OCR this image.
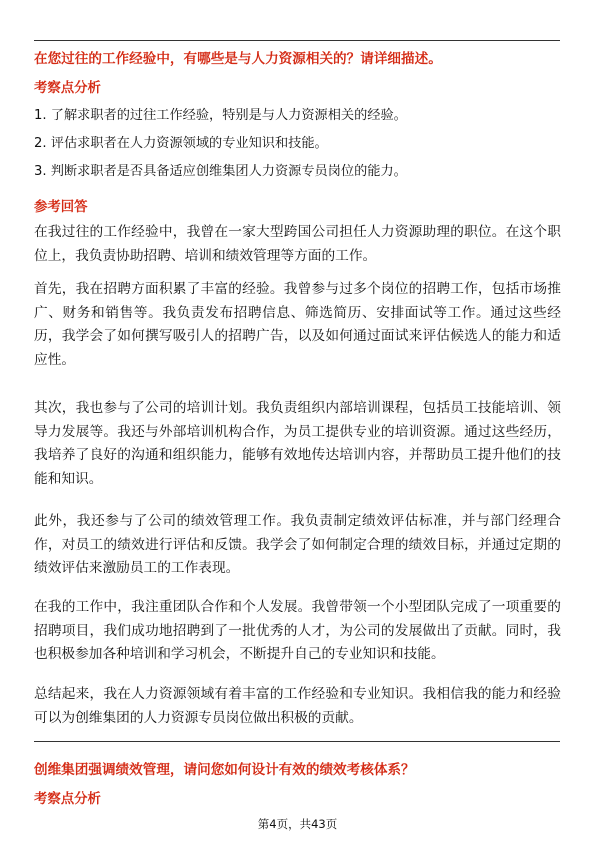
在您过往的工作经验中，有哪些是与人力资源相关的？请详细描述。
考察点分析
1. 了解求职者的过往工作经验，特别是与人力资源相关的经验。
2. 评估求职者在人力资源领域的专业知识和技能。
3. 判断求职者是否具备适应创维集团人力资源专员岗位的能力。
参考回答

在我过往的工作经验中，我曾在一家大型跨国公司担任人力资源助理的职位。在这个职位上，我负责协助招聘、培训和绩效管理等方面的工作。

首先，我在招聘方面积累了丰富的经验。我曾参与过多个岗位的招聘工作，包括市场推广、财务和销售等。我负责发布招聘信息、筛选简历、安排面试等工作。通过这些经历，我学会了如何撰写吸引人的招聘广告，以及如何通过面试来评估候选人的能力和适应性。

其次，我也参与了公司的培训计划。我负责组织内部培训课程，包括员工技能培训、领导力发展等。我还与外部培训机构合作，为员工提供专业的培训资源。通过这些经历，我培养了良好的沟通和组织能力，能够有效地传达培训内容，并帮助员工提升他们的技能和知识。

此外，我还参与了公司的绩效管理工作。我负责制定绩效评估标准，并与部门经理合作，对员工的绩效进行评估和反馈。我学会了如何制定合理的绩效目标，并通过定期的绩效评估来激励员工的工作表现。

在我的工作中，我注重团队合作和个人发展。我曾带领一个小型团队完成了一项重要的招聘项目，我们成功地招聘到了一批优秀的人才，为公司的发展做出了贡献。同时，我也积极参加各种培训和学习机会，不断提升自己的专业知识和技能。

总结起来，我在人力资源领域有着丰富的工作经验和专业知识。我相信我的能力和经验可以为创维集团的人力资源专员岗位做出积极的贡献。

创维集团强调绩效管理，请问您如何设计有效的绩效考核体系？
考察点分析
第4页，共43页
